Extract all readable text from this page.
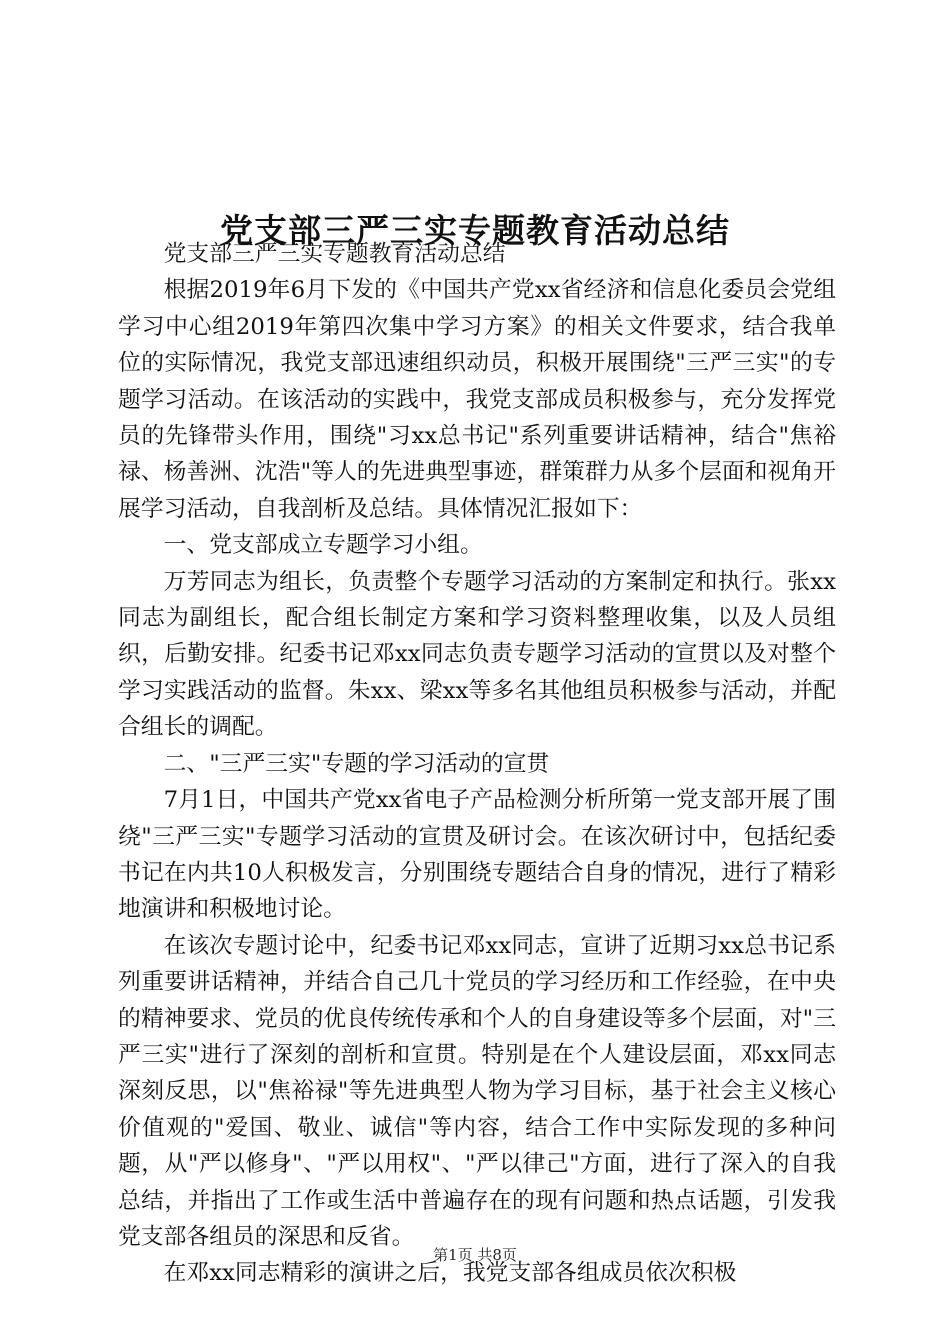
党支部三严三实专题教育活动总结

党支部三严三实专题教育活动总结

根据2019年6月下发的《中国共产党xx省经济和信息化委员会党组学习中心组2019年第四次集中学习方案》的相关文件要求，结合我单位的实际情况，我党支部迅速组织动员，积极开展围绕"三严三实"的专题学习活动。在该活动的实践中，我党支部成员积极参与，充分发挥党员的先锋带头作用，围绕"习xx总书记"系列重要讲话精神，结合"焦裕禄、杨善洲、沈浩"等人的先进典型事迹，群策群力从多个层面和视角开展学习活动，自我剖析及总结。具体情况汇报如下：

一、党支部成立专题学习小组。

万芳同志为组长，负责整个专题学习活动的方案制定和执行。张xx同志为副组长，配合组长制定方案和学习资料整理收集，以及人员组织，后勤安排。纪委书记邓xx同志负责专题学习活动的宣贯以及对整个学习实践活动的监督。朱xx、梁xx等多名其他组员积极参与活动，并配合组长的调配。

二、"三严三实"专题的学习活动的宣贯

7月1日，中国共产党xx省电子产品检测分析所第一党支部开展了围绕"三严三实"专题学习活动的宣贯及研讨会。在该次研讨中，包括纪委书记在内共10人积极发言，分别围绕专题结合自身的情况，进行了精彩地演讲和积极地讨论。

在该次专题讨论中，纪委书记邓xx同志，宣讲了近期习xx总书记系列重要讲话精神，并结合自己几十党员的学习经历和工作经验，在中央的精神要求、党员的优良传统传承和个人的自身建设等多个层面，对"三严三实"进行了深刻的剖析和宣贯。特别是在个人建设层面，邓xx同志深刻反思，以"焦裕禄"等先进典型人物为学习目标，基于社会主义核心价值观的"爱国、敬业、诚信"等内容，结合工作中实际发现的多种问题，从"严以修身"、"严以用权"、"严以律己"方面，进行了深入的自我总结，并指出了工作或生活中普遍存在的现有问题和热点话题，引发我党支部各组员的深思和反省。

在邓xx同志精彩的演讲之后，我党支部各组成员依次积极

第1页 共8页
